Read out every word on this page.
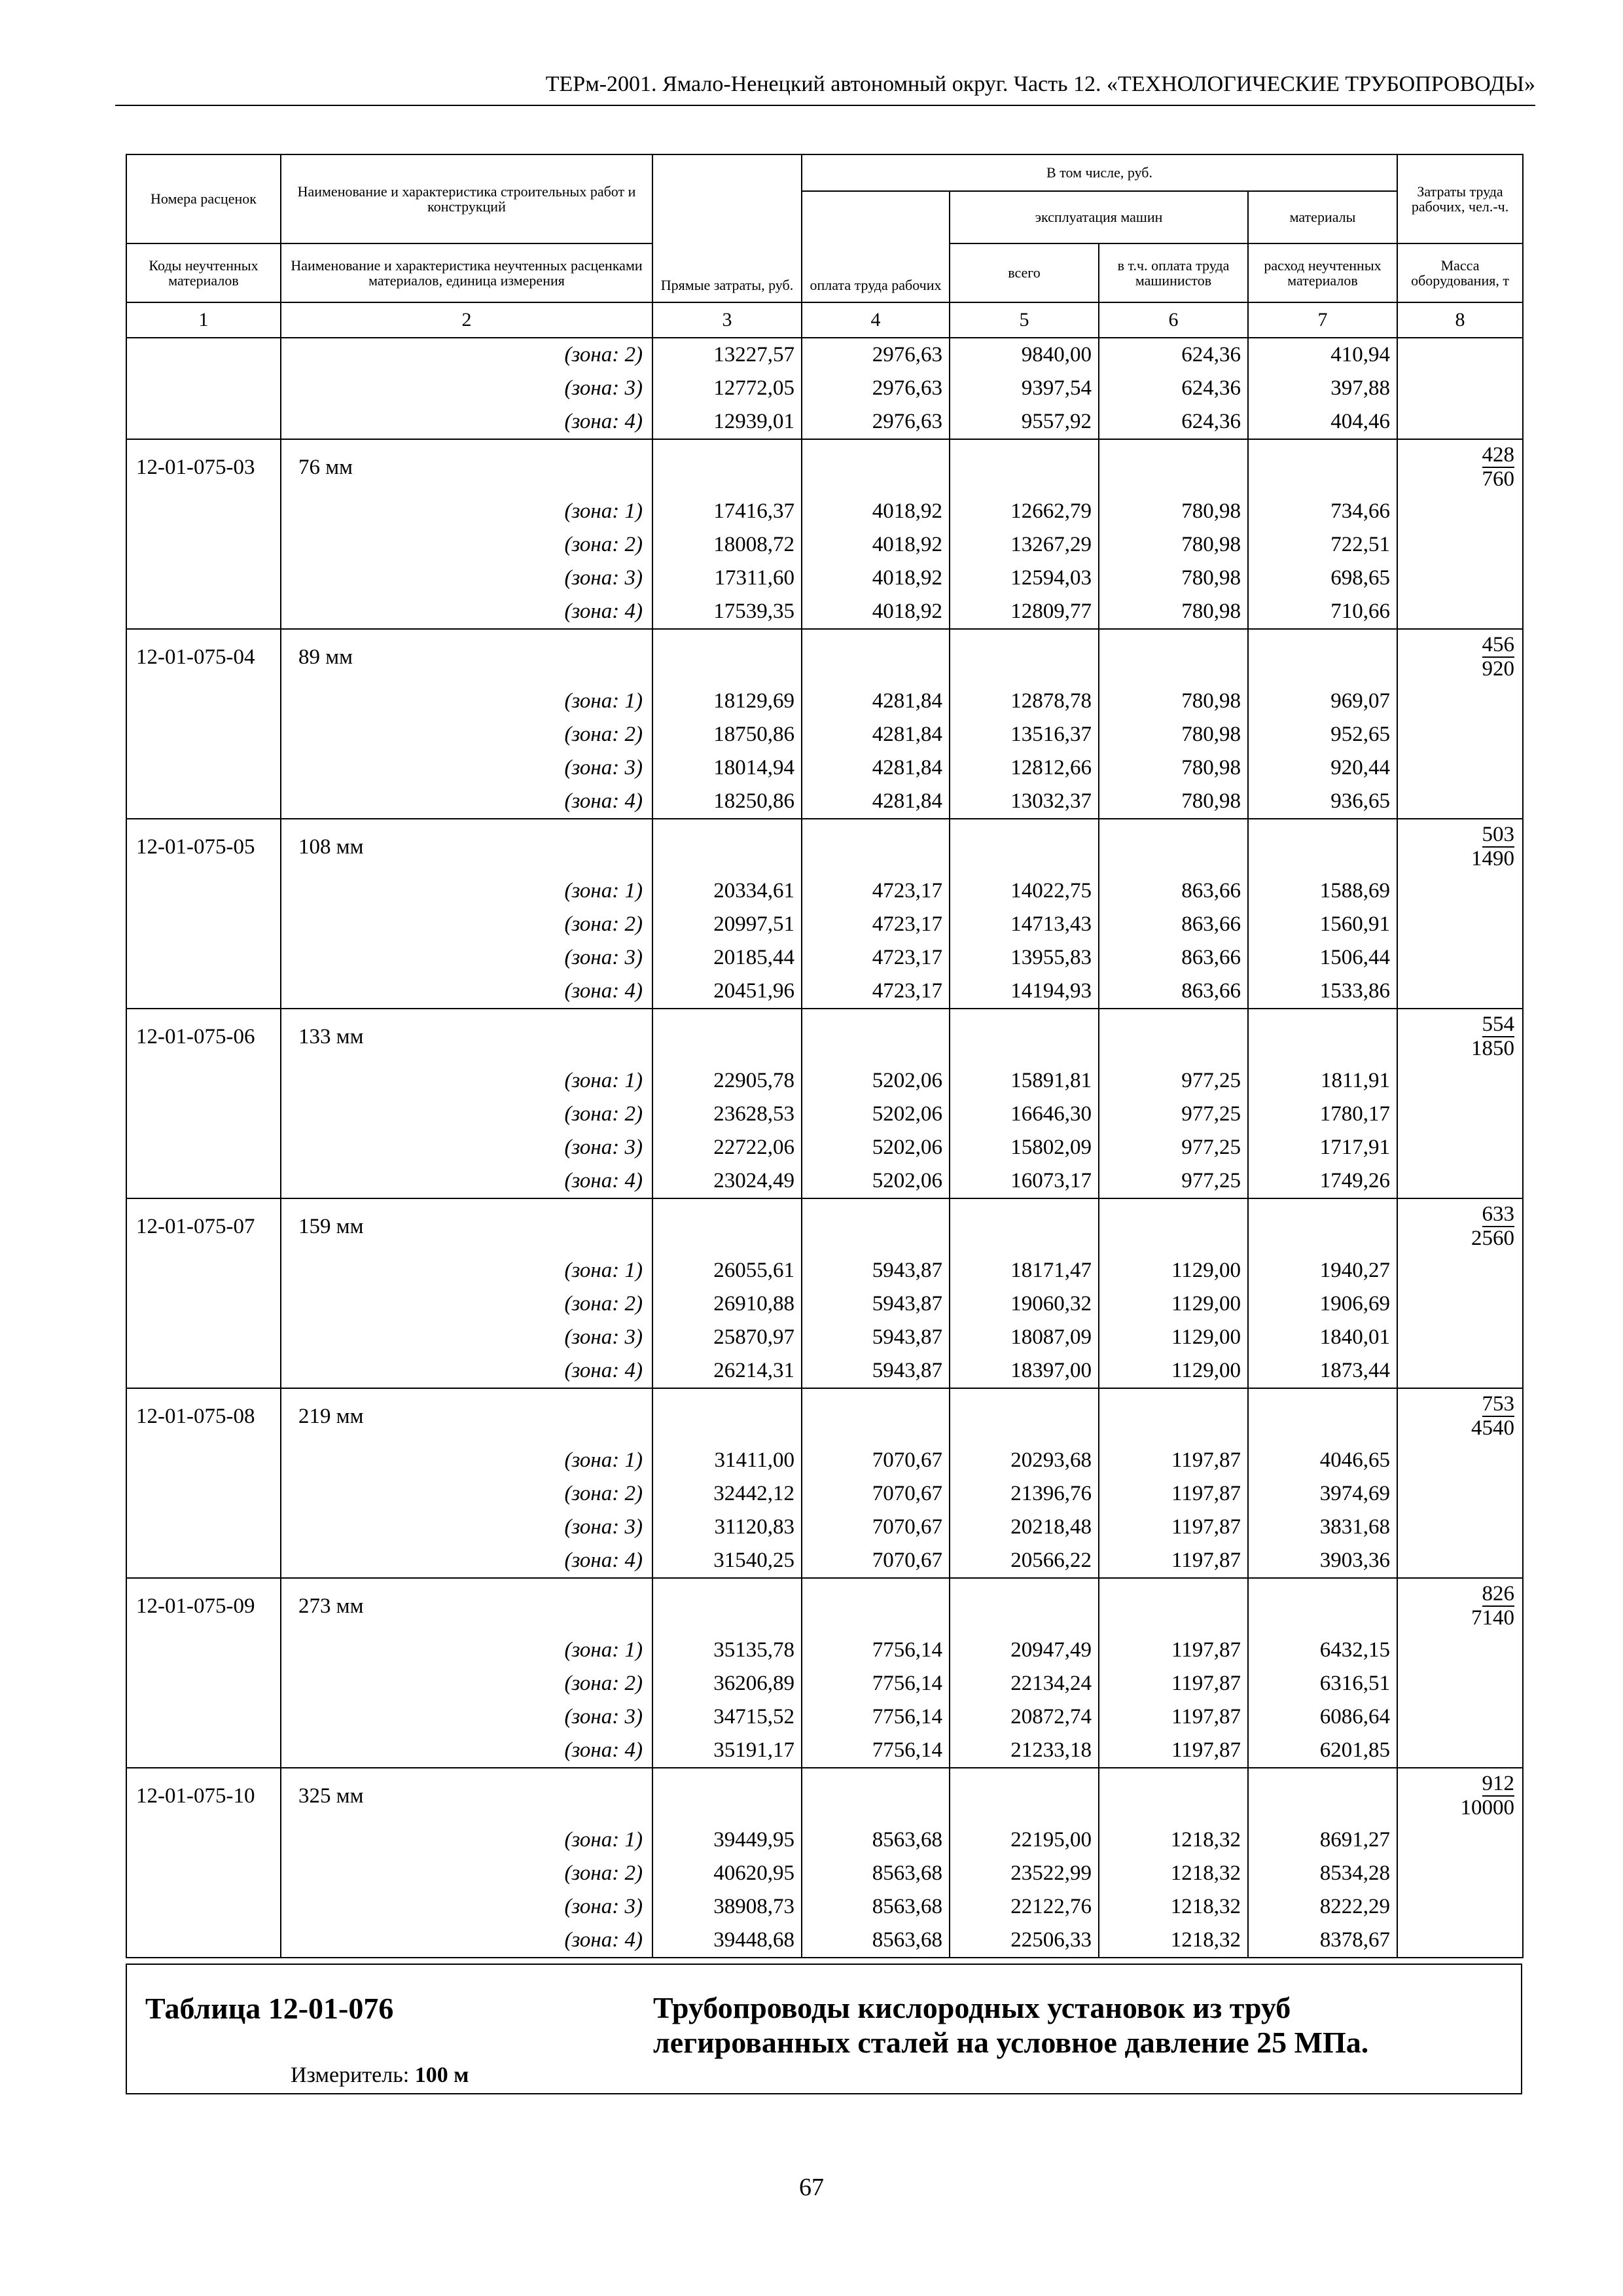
ТЕРм-2001. Ямало-Ненецкий автономный округ. Часть 12. «ТЕХНОЛОГИЧЕСКИЕ ТРУБОПРОВОДЫ»
Номера расценок	Наименование и характеристика строительных работ и конструкций	Прямые затраты, руб.	В том числе, руб.				Затраты труда рабочих, чел.-ч.
			оплата труда рабочих	эксплуатация машин		материалы	
Коды неучтенных материалов	Наименование и характеристика неучтенных расценками материалов, единица измерения			всего	в т.ч. оплата труда машинистов	расход неучтенных материалов	Масса оборудования, т
1	2	3	4	5	6	7	8
	(зона: 2)	13227,57	2976,63	9840,00	624,36	410,94	
	(зона: 3)	12772,05	2976,63	9397,54	624,36	397,88	
	(зона: 4)	12939,01	2976,63	9557,92	624,36	404,46	
12-01-075-03	76 мм						$\frac{428}{760}$

	(зона: 1)	17416,37	4018,92	12662,79	780,98	734,66	
	(зона: 2)	18008,72	4018,92	13267,29	780,98	722,51	
	(зона: 3)	17311,60	4018,92	12594,03	780,98	698,65	
	(зона: 4)	17539,35	4018,92	12809,77	780,98	710,66	
12-01-075-04	89 мм						$\frac{456}{920}$

	(зона: 1)	18129,69	4281,84	12878,78	780,98	969,07	
	(зона: 2)	18750,86	4281,84	13516,37	780,98	952,65	
	(зона: 3)	18014,94	4281,84	12812,66	780,98	920,44	
	(зона: 4)	18250,86	4281,84	13032,37	780,98	936,65	
12-01-075-05	108 мм						$\frac{503}{1490}$

	(зона: 1)	20334,61	4723,17	14022,75	863,66	1588,69	
	(зона: 2)	20997,51	4723,17	14713,43	863,66	1560,91	
	(зона: 3)	20185,44	4723,17	13955,83	863,66	1506,44	
	(зона: 4)	20451,96	4723,17	14194,93	863,66	1533,86	
12-01-075-06	133 мм						$\frac{554}{1850}$

	(зона: 1)	22905,78	5202,06	15891,81	977,25	1811,91	
	(зона: 2)	23628,53	5202,06	16646,30	977,25	1780,17	
	(зона: 3)	22722,06	5202,06	15802,09	977,25	1717,91	
	(зона: 4)	23024,49	5202,06	16073,17	977,25	1749,26	
12-01-075-07	159 мм						$\frac{633}{2560}$

	(зона: 1)	26055,61	5943,87	18171,47	1129,00	1940,27	
	(зона: 2)	26910,88	5943,87	19060,32	1129,00	1906,69	
	(зона: 3)	25870,97	5943,87	18087,09	1129,00	1840,01	
	(зона: 4)	26214,31	5943,87	18397,00	1129,00	1873,44	
12-01-075-08	219 мм						$\frac{753}{4540}$

	(зона: 1)	31411,00	7070,67	20293,68	1197,87	4046,65	
	(зона: 2)	32442,12	7070,67	21396,76	1197,87	3974,69	
	(зона: 3)	31120,83	7070,67	20218,48	1197,87	3831,68	
	(зона: 4)	31540,25	7070,67	20566,22	1197,87	3903,36	
12-01-075-09	273 мм						$\frac{826}{7140}$

	(зона: 1)	35135,78	7756,14	20947,49	1197,87	6432,15	
	(зона: 2)	36206,89	7756,14	22134,24	1197,87	6316,51	
	(зона: 3)	34715,52	7756,14	20872,74	1197,87	6086,64	
	(зона: 4)	35191,17	7756,14	21233,18	1197,87	6201,85	
12-01-075-10	325 мм						$\frac{912}{10000}$

	(зона: 1)	39449,95	8563,68	22195,00	1218,32	8691,27	
	(зона: 2)	40620,95	8563,68	23522,99	1218,32	8534,28	
	(зона: 3)	38908,73	8563,68	22122,76	1218,32	8222,29	
	(зона: 4)	39448,68	8563,68	22506,33	1218,32	8378,67	
Таблица 12-01-076	Трубопроводы кислородных установок из труб легированных сталей на условное давление 25 МПа.
Измеритель: 100 м
67
